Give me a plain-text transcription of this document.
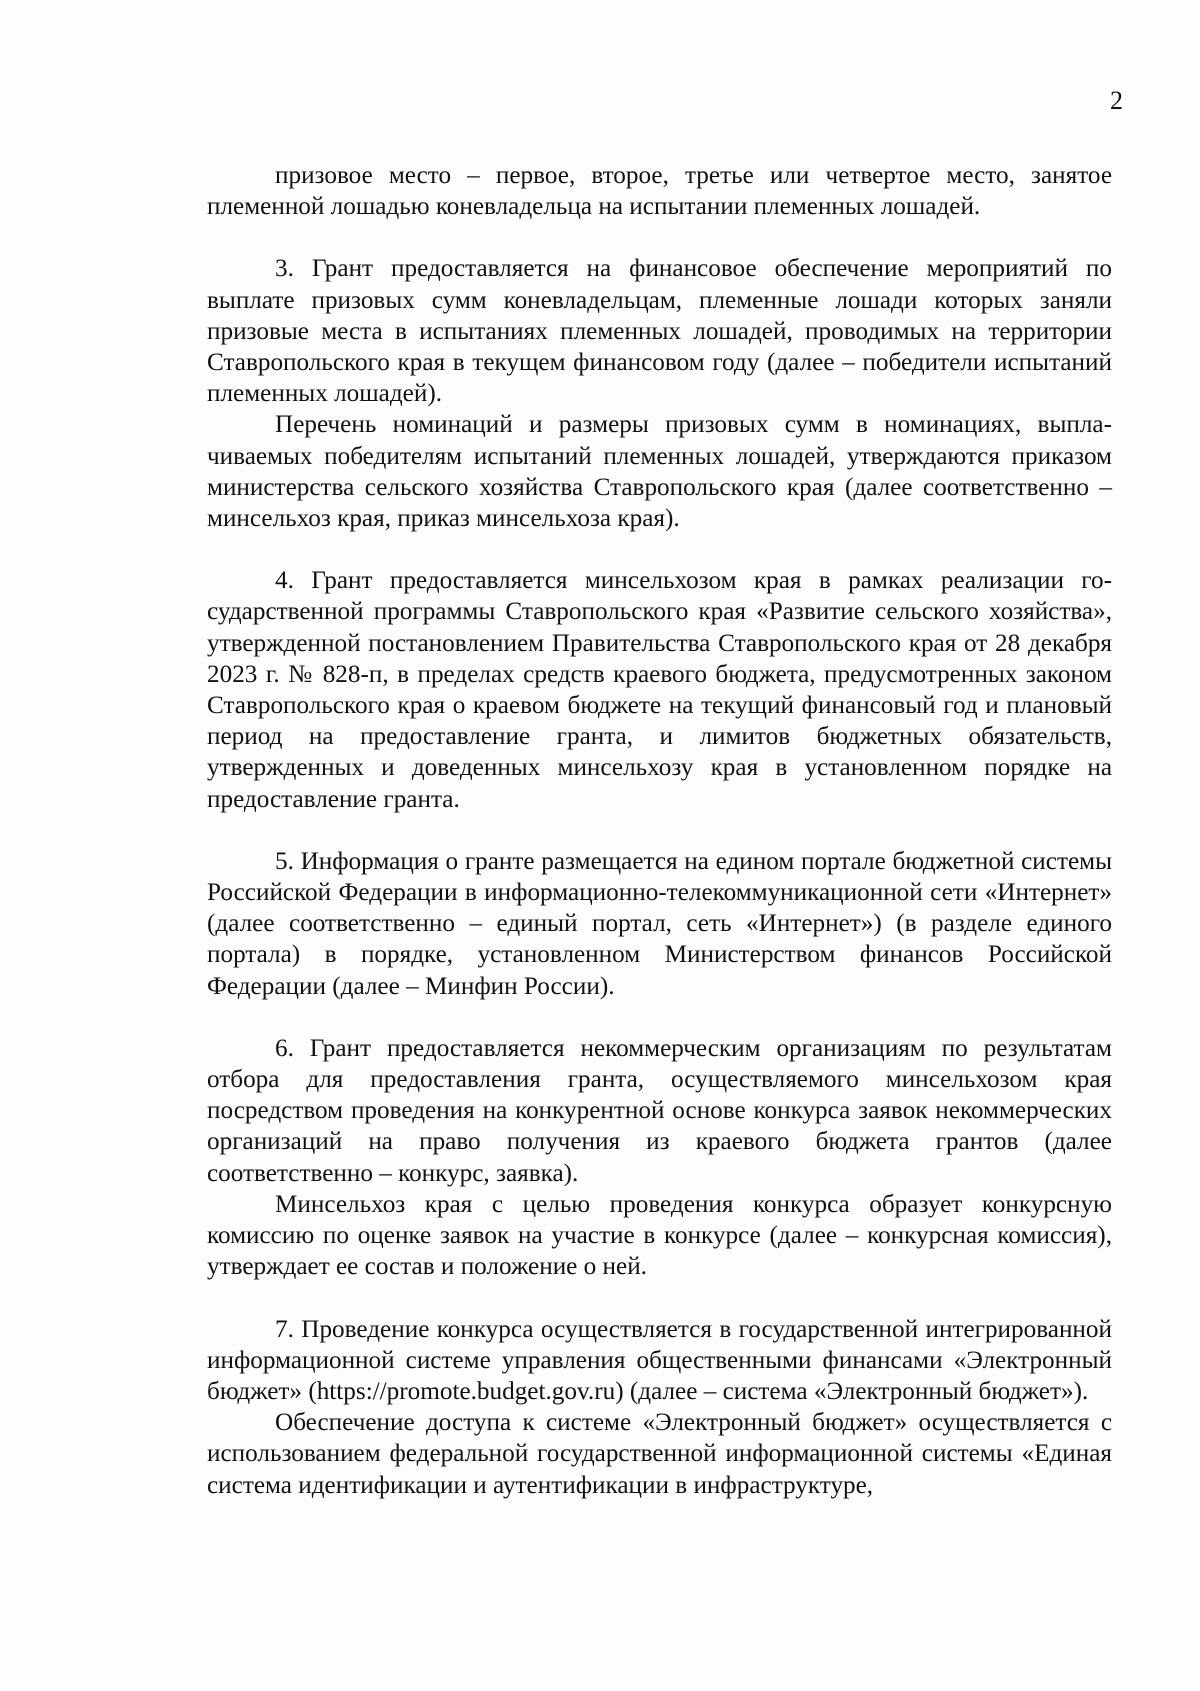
2

призовое место – первое, второе, третье или четвертое место, занятое племенной лошадью коневладельца на испытании племенных лошадей.

3. Грант предоставляется на финансовое обеспечение мероприятий по выплате призовых сумм коневладельцам, племенные лошади которых заняли призовые места в испытаниях племенных лошадей, проводимых на территории Ставропольского края в текущем финансовом году (далее – победители испытаний племенных лошадей).

Перечень номинаций и размеры призовых сумм в номинациях, выплачиваемых победителям испытаний племенных лошадей, утверждаются приказом министерства сельского хозяйства Ставропольского края (далее соответственно – минсельхоз края, приказ минсельхоза края).

4. Грант предоставляется минсельхозом края в рамках реализации государственной программы Ставропольского края «Развитие сельского хозяйства», утвержденной постановлением Правительства Ставропольского края от 28 декабря 2023 г. № 828-п, в пределах средств краевого бюджета, предусмотренных законом Ставропольского края о краевом бюджете на текущий финансовый год и плановый период на предоставление гранта, и лимитов бюджетных обязательств, утвержденных и доведенных минсельхозу края в установленном порядке на предоставление гранта.

5. Информация о гранте размещается на едином портале бюджетной системы Российской Федерации в информационно-телекоммуникационной сети «Интернет» (далее соответственно – единый портал, сеть «Интернет») (в разделе единого портала) в порядке, установленном Министерством финансов Российской Федерации (далее – Минфин России).

6. Грант предоставляется некоммерческим организациям по результатам отбора для предоставления гранта, осуществляемого минсельхозом края посредством проведения на конкурентной основе конкурса заявок некоммерческих организаций на право получения из краевого бюджета грантов (далее соответственно – конкурс, заявка).

Минсельхоз края с целью проведения конкурса образует конкурсную комиссию по оценке заявок на участие в конкурсе (далее – конкурсная комиссия), утверждает ее состав и положение о ней.

7. Проведение конкурса осуществляется в государственной интегрированной информационной системе управления общественными финансами «Электронный бюджет» (https://promote.budget.gov.ru) (далее – система «Электронный бюджет»).

Обеспечение доступа к системе «Электронный бюджет» осуществляется с использованием федеральной государственной информационной системы «Единая система идентификации и аутентификации в инфраструктуре,
